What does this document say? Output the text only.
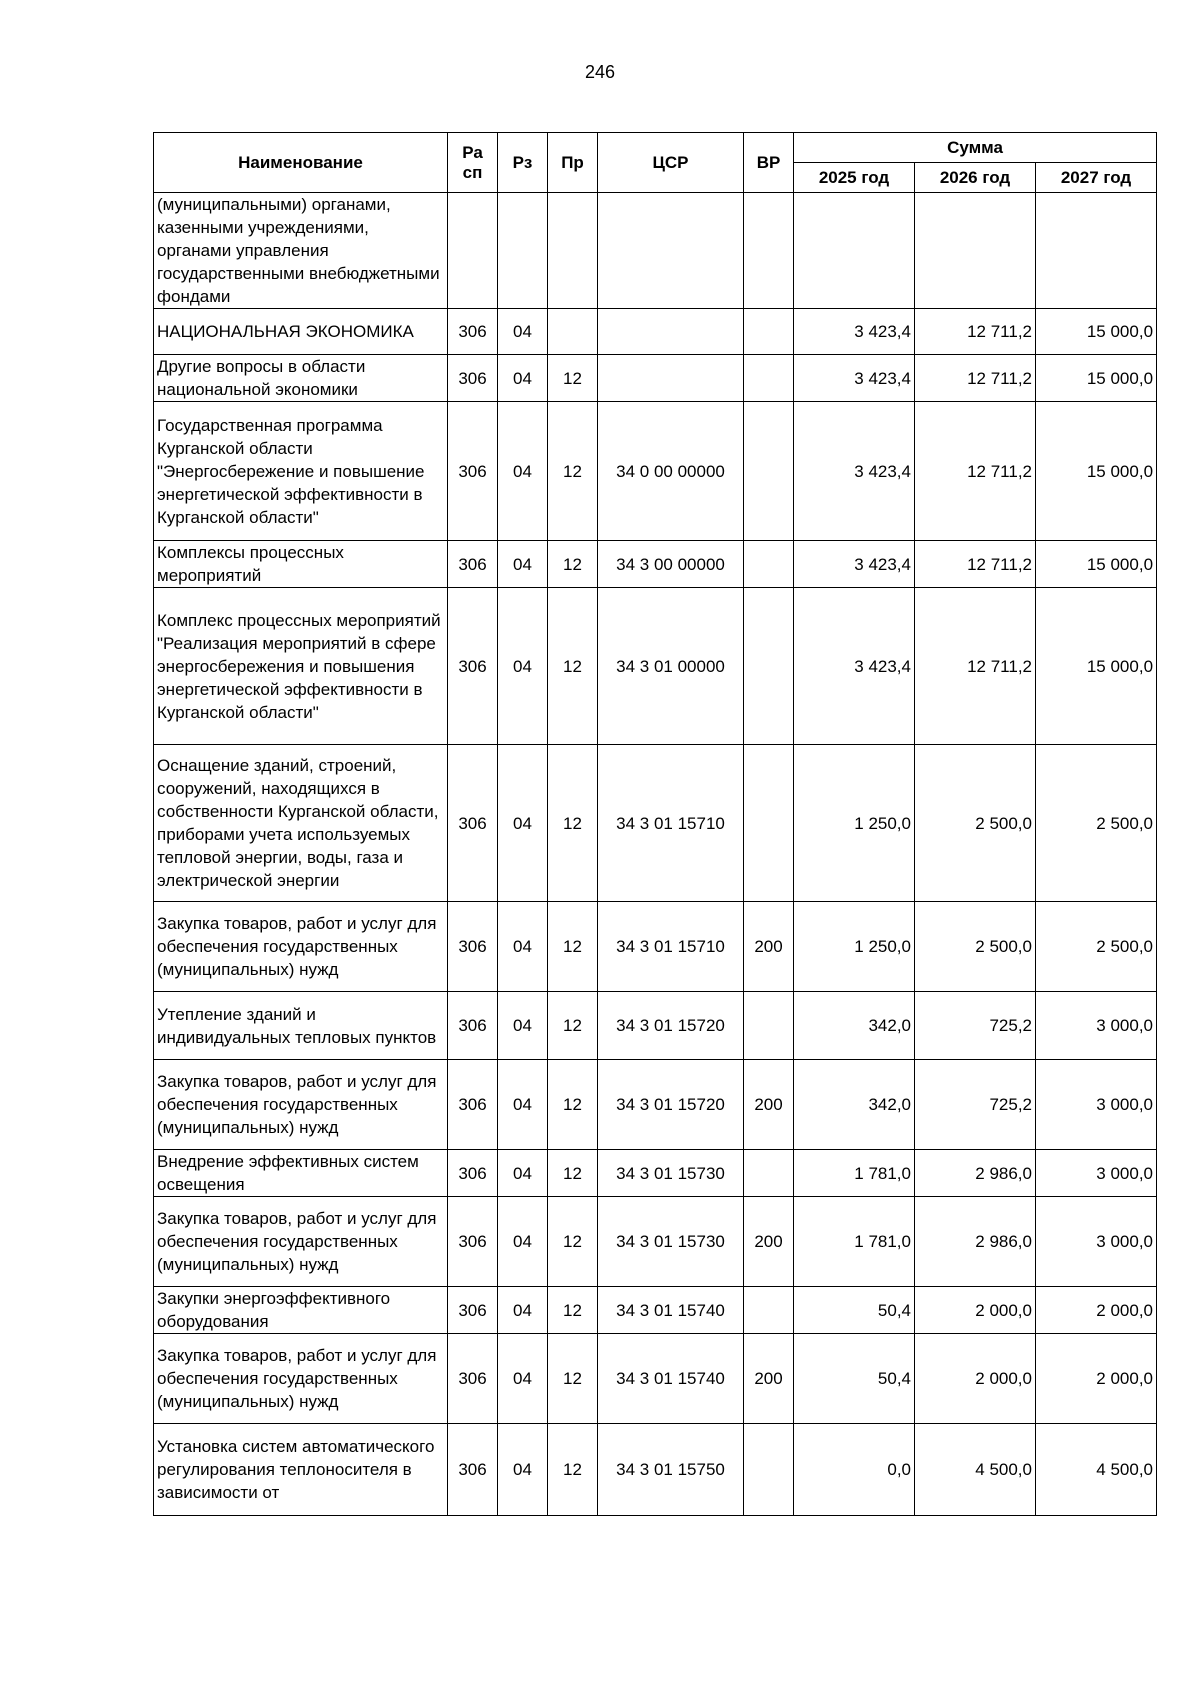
246
Наименование	Ра сп	Рз	Пр	ЦСР	ВР	Сумма		
						2025 год	2026 год	2027 год
(муниципальными) органами, казенными учреждениями, органами управления государственными внебюджетными фондами								
НАЦИОНАЛЬНАЯ ЭКОНОМИКА	306	04				3 423,4	12 711,2	15 000,0
Другие вопросы в области национальной экономики	306	04	12			3 423,4	12 711,2	15 000,0
Государственная программа Курганской области "Энергосбережение и повышение энергетической эффективности в Курганской области"	306	04	12	34 0 00 00000		3 423,4	12 711,2	15 000,0
Комплексы процессных мероприятий	306	04	12	34 3 00 00000		3 423,4	12 711,2	15 000,0
Комплекс процессных мероприятий "Реализация мероприятий в сфере энергосбережения и повышения энергетической эффективности в Курганской области"	306	04	12	34 3 01 00000		3 423,4	12 711,2	15 000,0
Оснащение зданий, строений, сооружений, находящихся в собственности Курганской области, приборами учета используемых тепловой энергии, воды, газа и электрической энергии	306	04	12	34 3 01 15710		1 250,0	2 500,0	2 500,0
Закупка товаров, работ и услуг для обеспечения государственных (муниципальных) нужд	306	04	12	34 3 01 15710	200	1 250,0	2 500,0	2 500,0
Утепление зданий и индивидуальных тепловых пунктов	306	04	12	34 3 01 15720		342,0	725,2	3 000,0
Закупка товаров, работ и услуг для обеспечения государственных (муниципальных) нужд	306	04	12	34 3 01 15720	200	342,0	725,2	3 000,0
Внедрение эффективных систем освещения	306	04	12	34 3 01 15730		1 781,0	2 986,0	3 000,0
Закупка товаров, работ и услуг для обеспечения государственных (муниципальных) нужд	306	04	12	34 3 01 15730	200	1 781,0	2 986,0	3 000,0
Закупки энергоэффективного оборудования	306	04	12	34 3 01 15740		50,4	2 000,0	2 000,0
Закупка товаров, работ и услуг для обеспечения государственных (муниципальных) нужд	306	04	12	34 3 01 15740	200	50,4	2 000,0	2 000,0
Установка систем автоматического регулирования теплоносителя в зависимости от	306	04	12	34 3 01 15750		0,0	4 500,0	4 500,0
